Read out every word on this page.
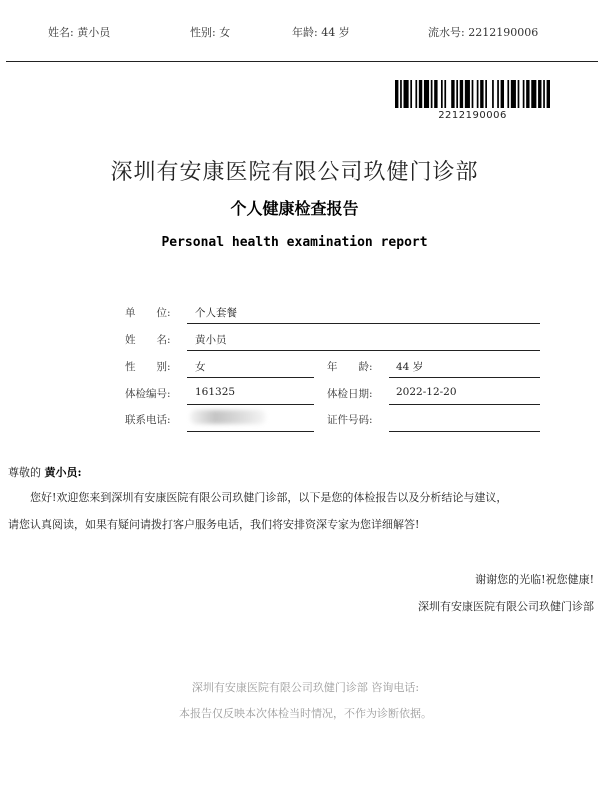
姓名: 黄小员	性别: 女	年龄: 44 岁	流水号: 2212190006
2212190006
深圳有安康医院有限公司玖健门诊部
个人健康检查报告
Personal health examination report
单　　位: 个人套餐
姓　　名: 黄小员
性　　别: 女	年　　龄: 44 岁
体检编号: 161325	体检日期: 2022-12-20
联系电话:	证件号码:
尊敬的 黄小员:
您好!欢迎您来到深圳有安康医院有限公司玖健门诊部，以下是您的体检报告以及分析结论与建议，
请您认真阅读，如果有疑问请拨打客户服务电话，我们将安排资深专家为您详细解答!
谢谢您的光临!祝您健康!
深圳有安康医院有限公司玖健门诊部
深圳有安康医院有限公司玖健门诊部 咨询电话:
本报告仅反映本次体检当时情况，不作为诊断依据。
